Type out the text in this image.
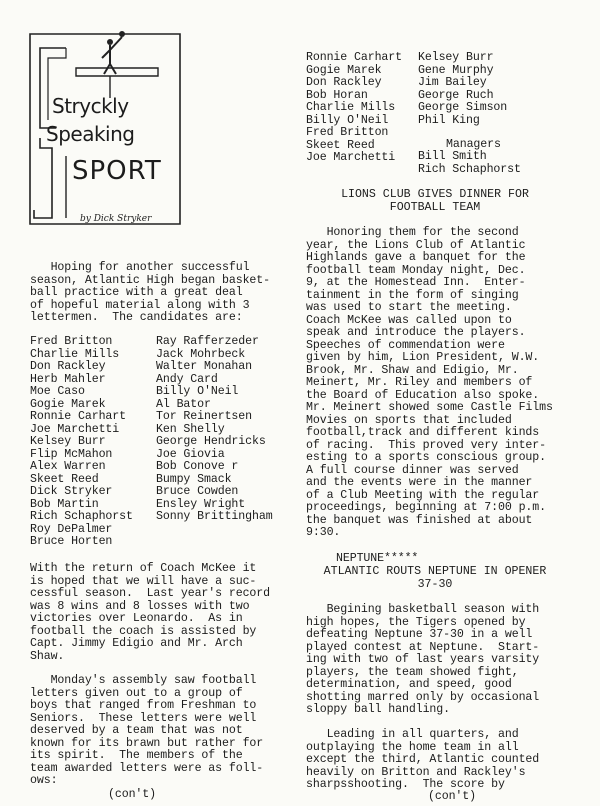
Strycklу
Speaking
SPORT
by Dick Stryker
Hoping for another successful
season, Atlantic High began basket-
ball practice with a great deal
of hopeful material along with 3
lettermen.  The candidates are:
Fred Britton
Charlie Mills
Don Rackley
Herb Mahler
Moe Caso
Gogie Marek
Ronnie Carhart
Joe Marchetti
Kelsey Burr
Flip McMahon
Alex Warren
Skeet Reed
Dick Stryker
Bob Martin
Rich Schaphorst
Roy DePalmer
Bruce Horten
Ray Rafferzeder
Jack Mohrbeck
Walter Monahan
Andy Card
Billy O'Neil
Al Bator
Tor Reinertsen
Ken Shelly
George Hendricks
Joe Giovia
Bob Conove r
Bumpy Smack
Bruce Cowden
Ensley Wright
Sonny Brittingham
With the return of Coach McKee it
is hoped that we will have a suc-
cessful season.  Last year's record
was 8 wins and 8 losses with two
victories over Leonardo.  As in
football the coach is assisted by
Capt. Jimmy Edigio and Mr. Arch
Shaw.
Monday's assembly saw football
letters given out to a group of
boys that ranged from Freshman to
Seniors.  These letters were well
deserved by a team that was not
known for its brawn but rather for
its spirit.  The members of the
team awarded letters were as foll-
ows:
(con't)
Ronnie Carhart
Gogie Marek
Don Rackley
Bob Horan
Charlie Mills
Billy O'Neil
Fred Britton
Skeet Reed
Joe Marchetti
Kelsey Burr
Gene Murphy
Jim Bailey
George Ruch
George Simson
Phil King
Managers
Bill Smith
Rich Schaphorst
LIONS CLUB GIVES DINNER FOR
FOOTBALL TEAM
Honoring them for the second
year, the Lions Club of Atlantic
Highlands gave a banquet for the
football team Monday night, Dec.
9, at the Homestead Inn.  Enter-
tainment in the form of singing
was used to start the meeting.
Coach McKee was called upon to
speak and introduce the players.
Speeches of commendation were
given by him, Lion President, W.W.
Brook, Mr. Shaw and Edigio, Mr.
Meinert, Mr. Riley and members of
the Board of Education also spoke.
Mr. Meinert showed some Castle Films
Movies on sports that included
football,track and different kinds
of racing.  This proved very inter-
esting to a sports conscious group.
A full course dinner was served
and the events were in the manner
of a Club Meeting with the regular
proceedings, beginning at 7:00 p.m.
the banquet was finished at about
9:30.
NEPTUNE*****
ATLANTIC ROUTS NEPTUNE IN OPENER
37-30
Begining basketball season with
high hopes, the Tigers opened by
defeating Neptune 37-30 in a well
played contest at Neptune.  Start-
ing with two of last years varsity
players, the team showed fight,
determination, and speed, good
shotting marred only by occasional
sloppy ball handling.
Leading in all quarters, and
outplaying the home team in all
except the third, Atlantic counted
heavily on Britton and Rackley's
sharpsshooting.  The score by
(con't)
